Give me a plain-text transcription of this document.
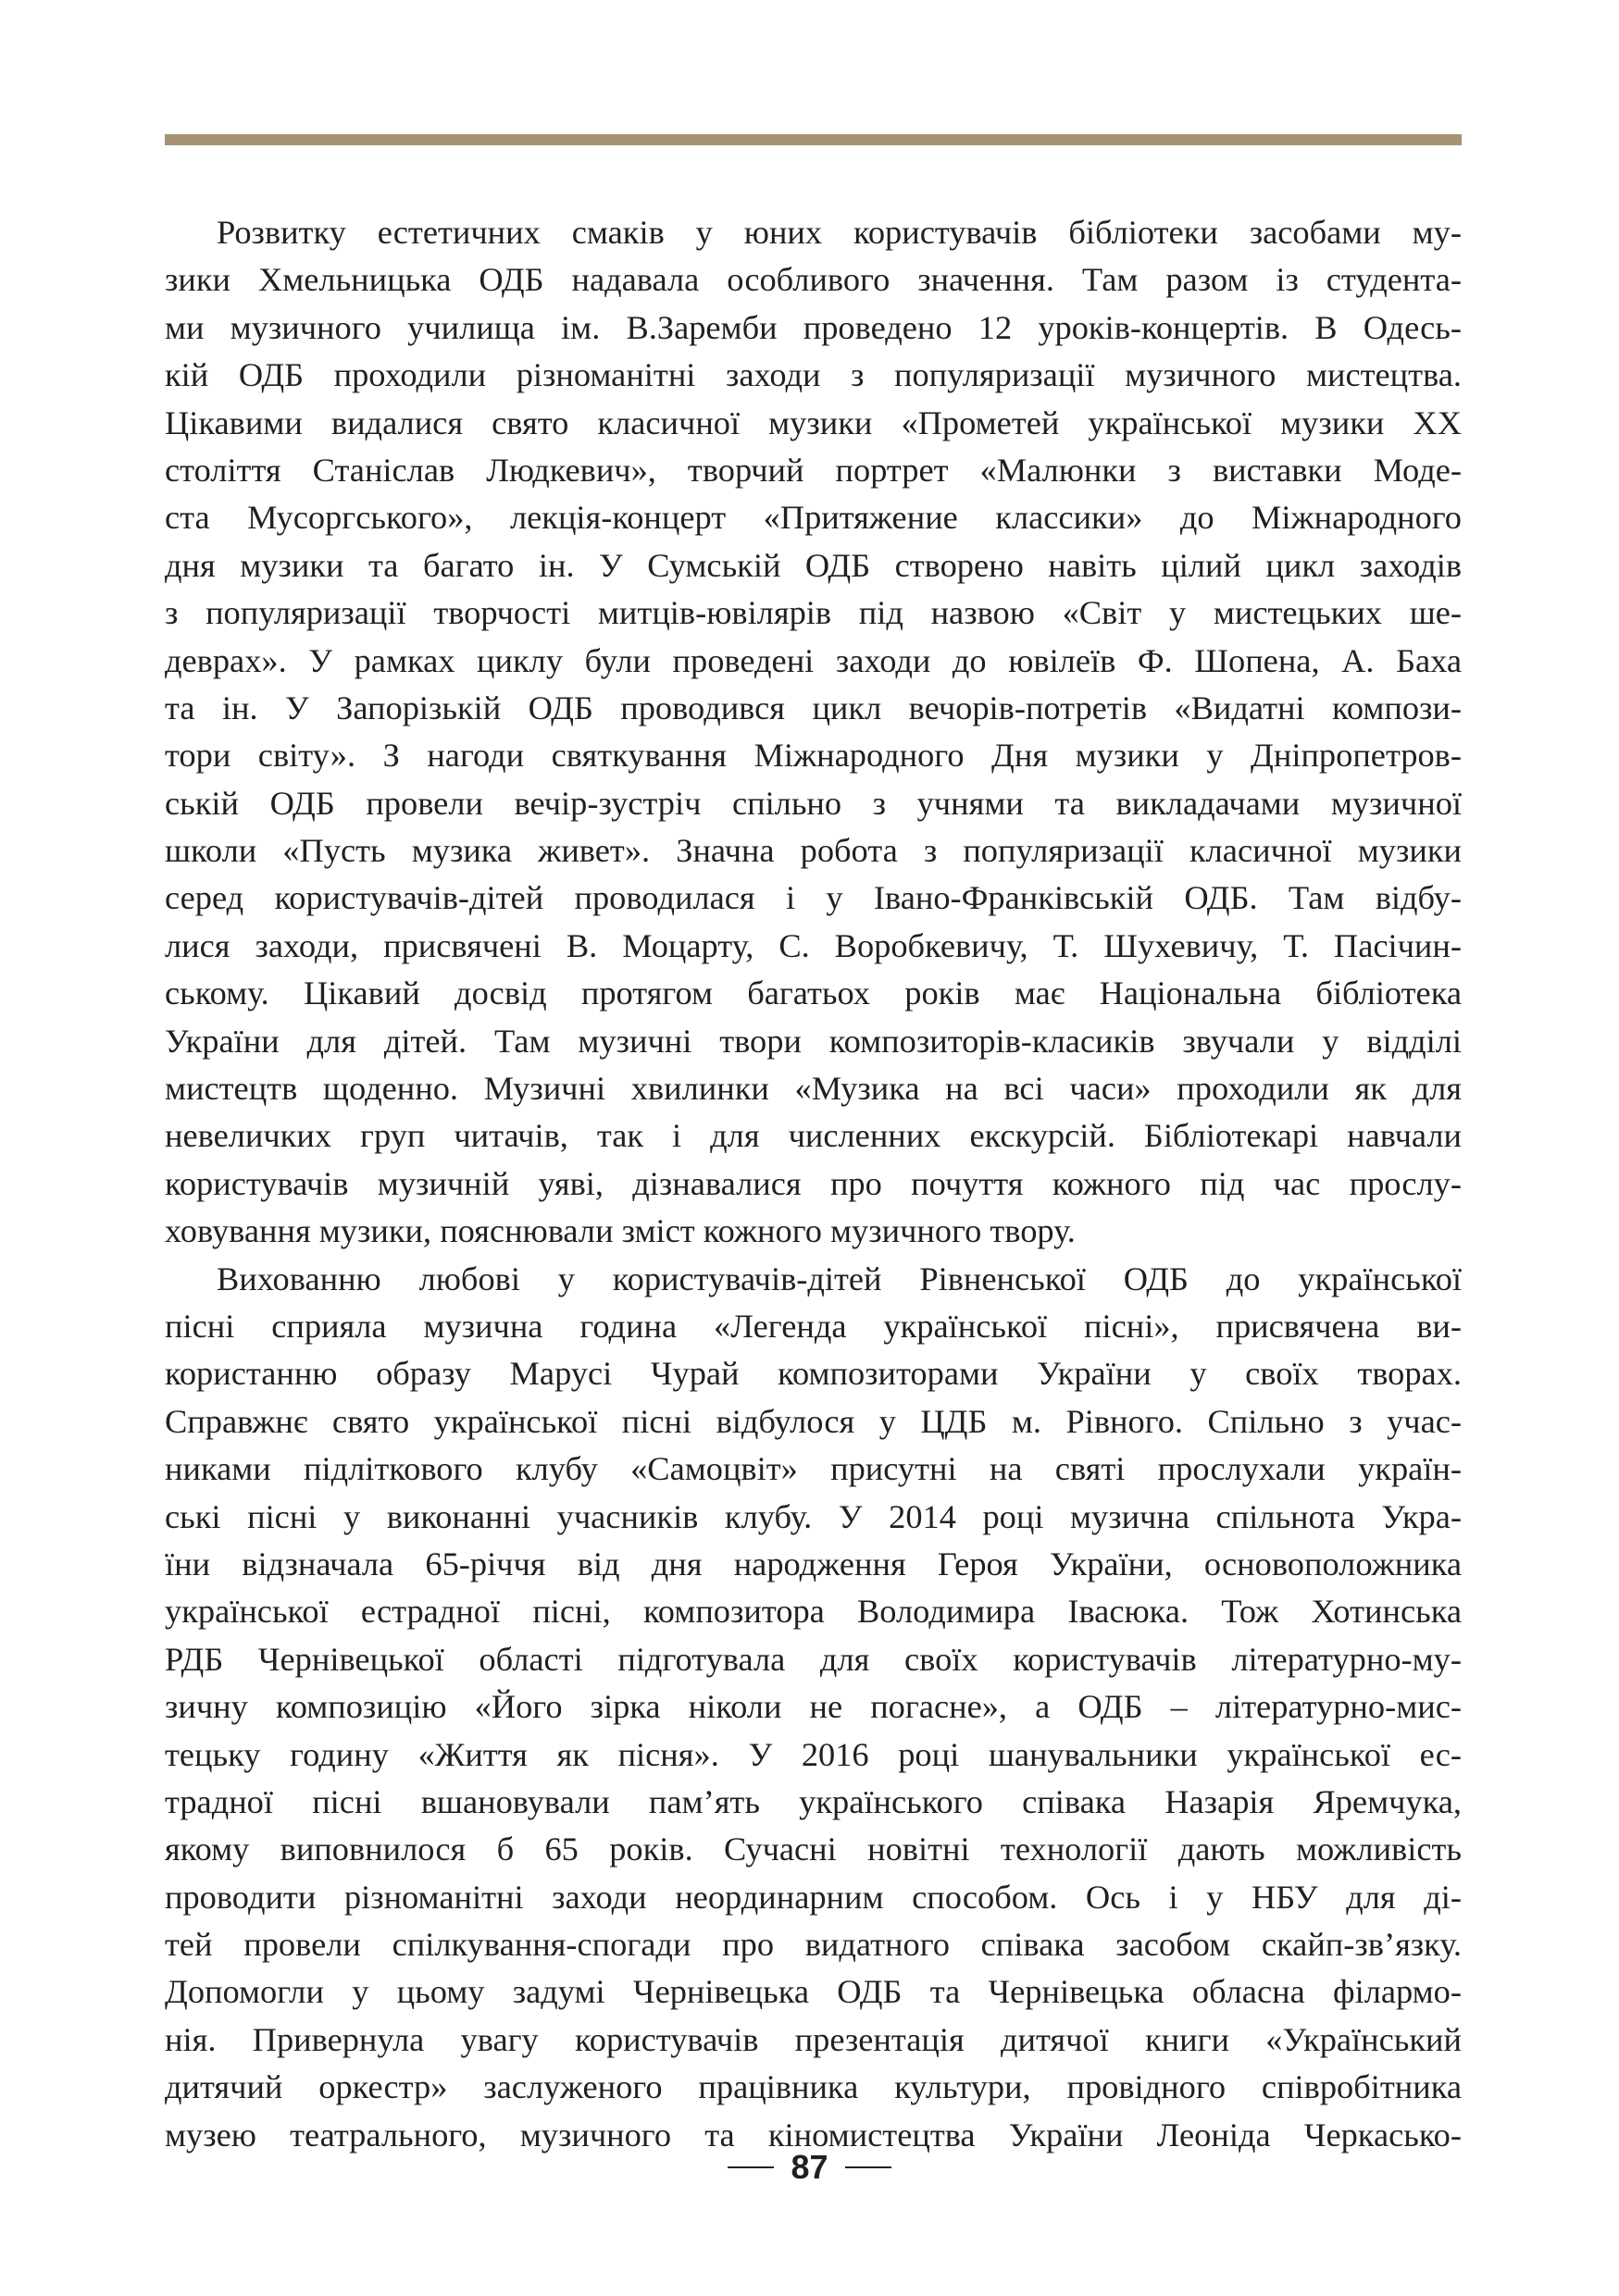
Розвитку естетичних смаків у юних користувачів бібліотеки засобами му-
зики Хмельницька ОДБ надавала особливого значення. Там разом із студента-
ми музичного училища ім. В.Заремби проведено 12 уроків-концертів. В Одесь-
кій ОДБ проходили різноманітні заходи з популяризації музичного мистецтва.
Цікавими видалися свято класичної музики «Прометей української музики ХХ
століття Станіслав Людкевич», творчий портрет «Малюнки з виставки Моде-
ста Мусоргського», лекція-концерт «Притяжение классики» до Міжнародного
дня музики та багато ін. У Сумській ОДБ створено навіть цілий цикл заходів
з популяризації творчості митців-ювілярів під назвою «Світ у мистецьких ше-
деврах». У рамках циклу були проведені заходи до ювілеїв Ф. Шопена, А. Баха
та ін. У Запорізькій ОДБ проводився цикл вечорів-потретів «Видатні компози-
тори світу». З нагоди святкування Міжнародного Дня музики у Дніпропетров-
ській ОДБ провели вечір-зустріч спільно з учнями та викладачами музичної
школи «Пусть музика живет». Значна робота з популяризації класичної музики
серед користувачів-дітей проводилася і у Івано-Франківській ОДБ. Там відбу-
лися заходи, присвячені В. Моцарту, С. Воробкевичу, Т. Шухевичу, Т. Пасічин-
ському. Цікавий досвід протягом багатьох років має Національна бібліотека
України для дітей. Там музичні твори композиторів-класиків звучали у відділі
мистецтв щоденно. Музичні хвилинки «Музика на всі часи» проходили як для
невеличких груп читачів, так і для численних екскурсій. Бібліотекарі навчали
користувачів музичній уяві, дізнавалися про почуття кожного під час прослу-
ховування музики, пояснювали зміст кожного музичного твору.

Вихованню любові у користувачів-дітей Рівненської ОДБ до української
пісні сприяла музична година «Легенда української пісні», присвячена ви-
користанню образу Марусі Чурай композиторами України у своїх творах.
Справжнє свято української пісні відбулося у ЦДБ м. Рівного. Спільно з учас-
никами підліткового клубу «Самоцвіт» присутні на святі прослухали україн-
ські пісні у виконанні учасників клубу. У 2014 році музична спільнота Укра-
їни відзначала 65-річчя від дня народження Героя України, основоположника
української естрадної пісні, композитора Володимира Івасюка. Тож Хотинська
РДБ Чернівецької області підготувала для своїх користувачів літературно-му-
зичну композицію «Його зірка ніколи не погасне», а ОДБ – літературно-мис-
тецьку годину «Життя як пісня». У 2016 році шанувальники української ес-
традної пісні вшановували пам’ять українського співака Назарія Яремчука,
якому виповнилося б 65 років. Сучасні новітні технології дають можливість
проводити різноманітні заходи неординарним способом. Ось і у НБУ для ді-
тей провели спілкування-спогади про видатного співака засобом скайп-зв’язку.
Допомогли у цьому задумі Чернівецька ОДБ та Чернівецька обласна філармо-
нія. Привернула увагу користувачів презентація дитячої книги «Український
дитячий оркестр» заслуженого працівника культури, провідного співробітника
музею театрального, музичного та кіномистецтва України Леоніда Черкасько-

87
